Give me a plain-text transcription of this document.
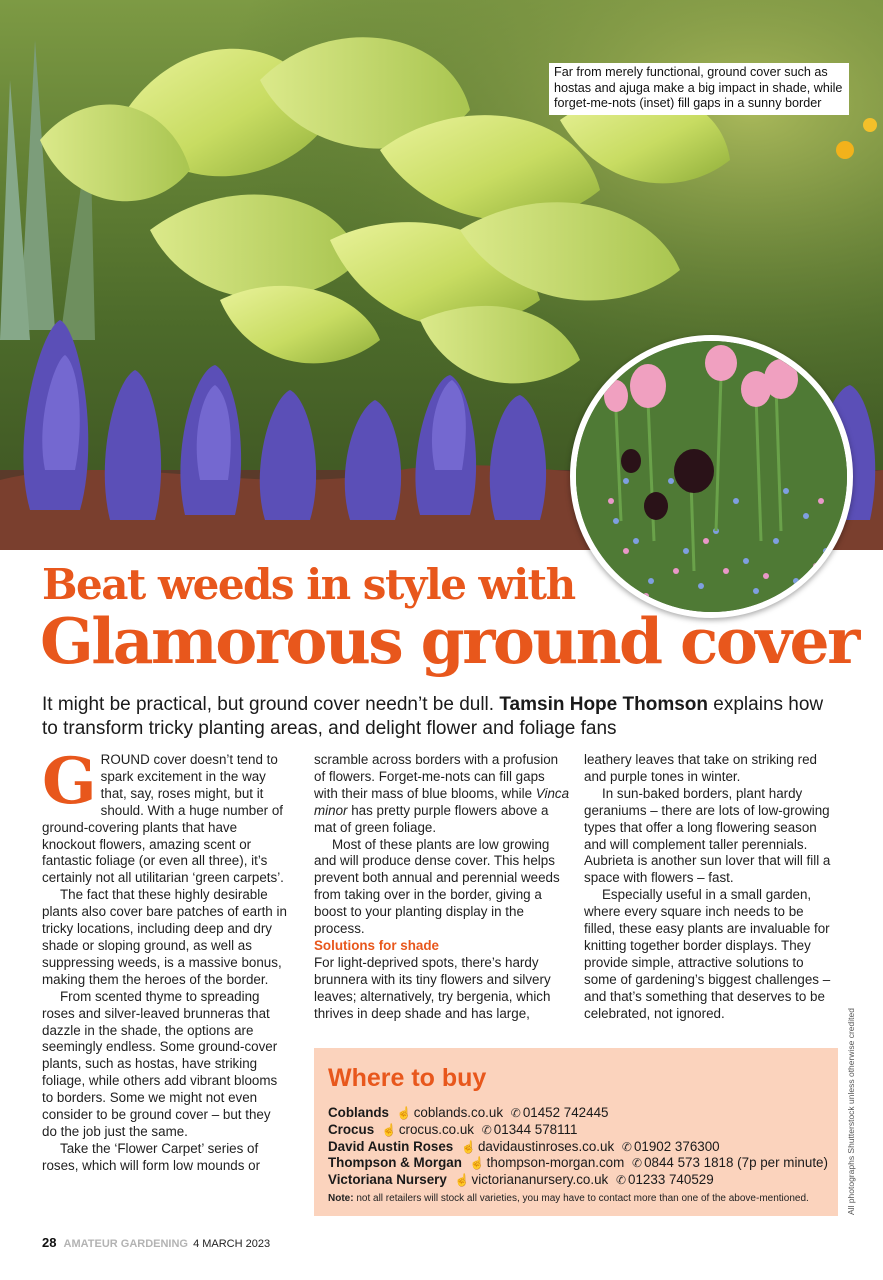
Far from merely functional, ground cover such as hostas and ajuga make a big impact in shade, while forget-me-nots (inset) fill gaps in a sunny border
Beat weeds in style with
Glamorous ground cover
It might be practical, but ground cover needn’t be dull. Tamsin Hope Thomson explains how to transform tricky planting areas, and delight flower and foliage fans
G ROUND cover doesn’t tend to spark excitement in the way that, say, roses might, but it should. With a huge number of ground-covering plants that have knockout flowers, amazing scent or fantastic foliage (or even all three), it’s certainly not all utilitarian ‘green carpets’.

The fact that these highly desirable plants also cover bare patches of earth in tricky locations, including deep and dry shade or sloping ground, as well as suppressing weeds, is a massive bonus, making them the heroes of the border.

From scented thyme to spreading roses and silver-leaved brunneras that dazzle in the shade, the options are seemingly endless. Some ground-cover plants, such as hostas, have striking foliage, while others add vibrant blooms to borders. Some we might not even consider to be ground cover – but they do the job just the same.

Take the ‘Flower Carpet’ series of roses, which will form low mounds or

scramble across borders with a profusion of flowers. Forget-me-nots can fill gaps with their mass of blue blooms, while Vinca minor has pretty purple flowers above a mat of green foliage.

Most of these plants are low growing and will produce dense cover. This helps prevent both annual and perennial weeds from taking over in the border, giving a boost to your planting display in the process.

Solutions for shade

For light-deprived spots, there’s hardy brunnera with its tiny flowers and silvery leaves; alternatively, try bergenia, which thrives in deep shade and has large,

leathery leaves that take on striking red and purple tones in winter.

In sun-baked borders, plant hardy geraniums – there are lots of low-growing types that offer a long flowering season and will complement taller perennials. Aubrieta is another sun lover that will fill a space with flowers – fast.

Especially useful in a small garden, where every square inch needs to be filled, these easy plants are invaluable for knitting together border displays. They provide simple, attractive solutions to some of gardening’s biggest challenges – and that’s something that deserves to be celebrated, not ignored.

Where to buy
Coblands ☝ coblands.co.uk ✆ 01452 742445
Crocus ☝ crocus.co.uk ✆ 01344 578111
David Austin Roses ☝ davidaustinroses.co.uk ✆ 01902 376300
Thompson & Morgan ☝ thompson-morgan.com ✆ 0844 573 1818 (7p per minute)
Victoriana Nursery ☝ victoriananursery.co.uk ✆ 01233 740529
Note: not all retailers will stock all varieties, you may have to contact more than one of the above-mentioned.	All photographs Shutterstock unless otherwise credited
28 AMATEUR GARDENING 4 MARCH 2023
